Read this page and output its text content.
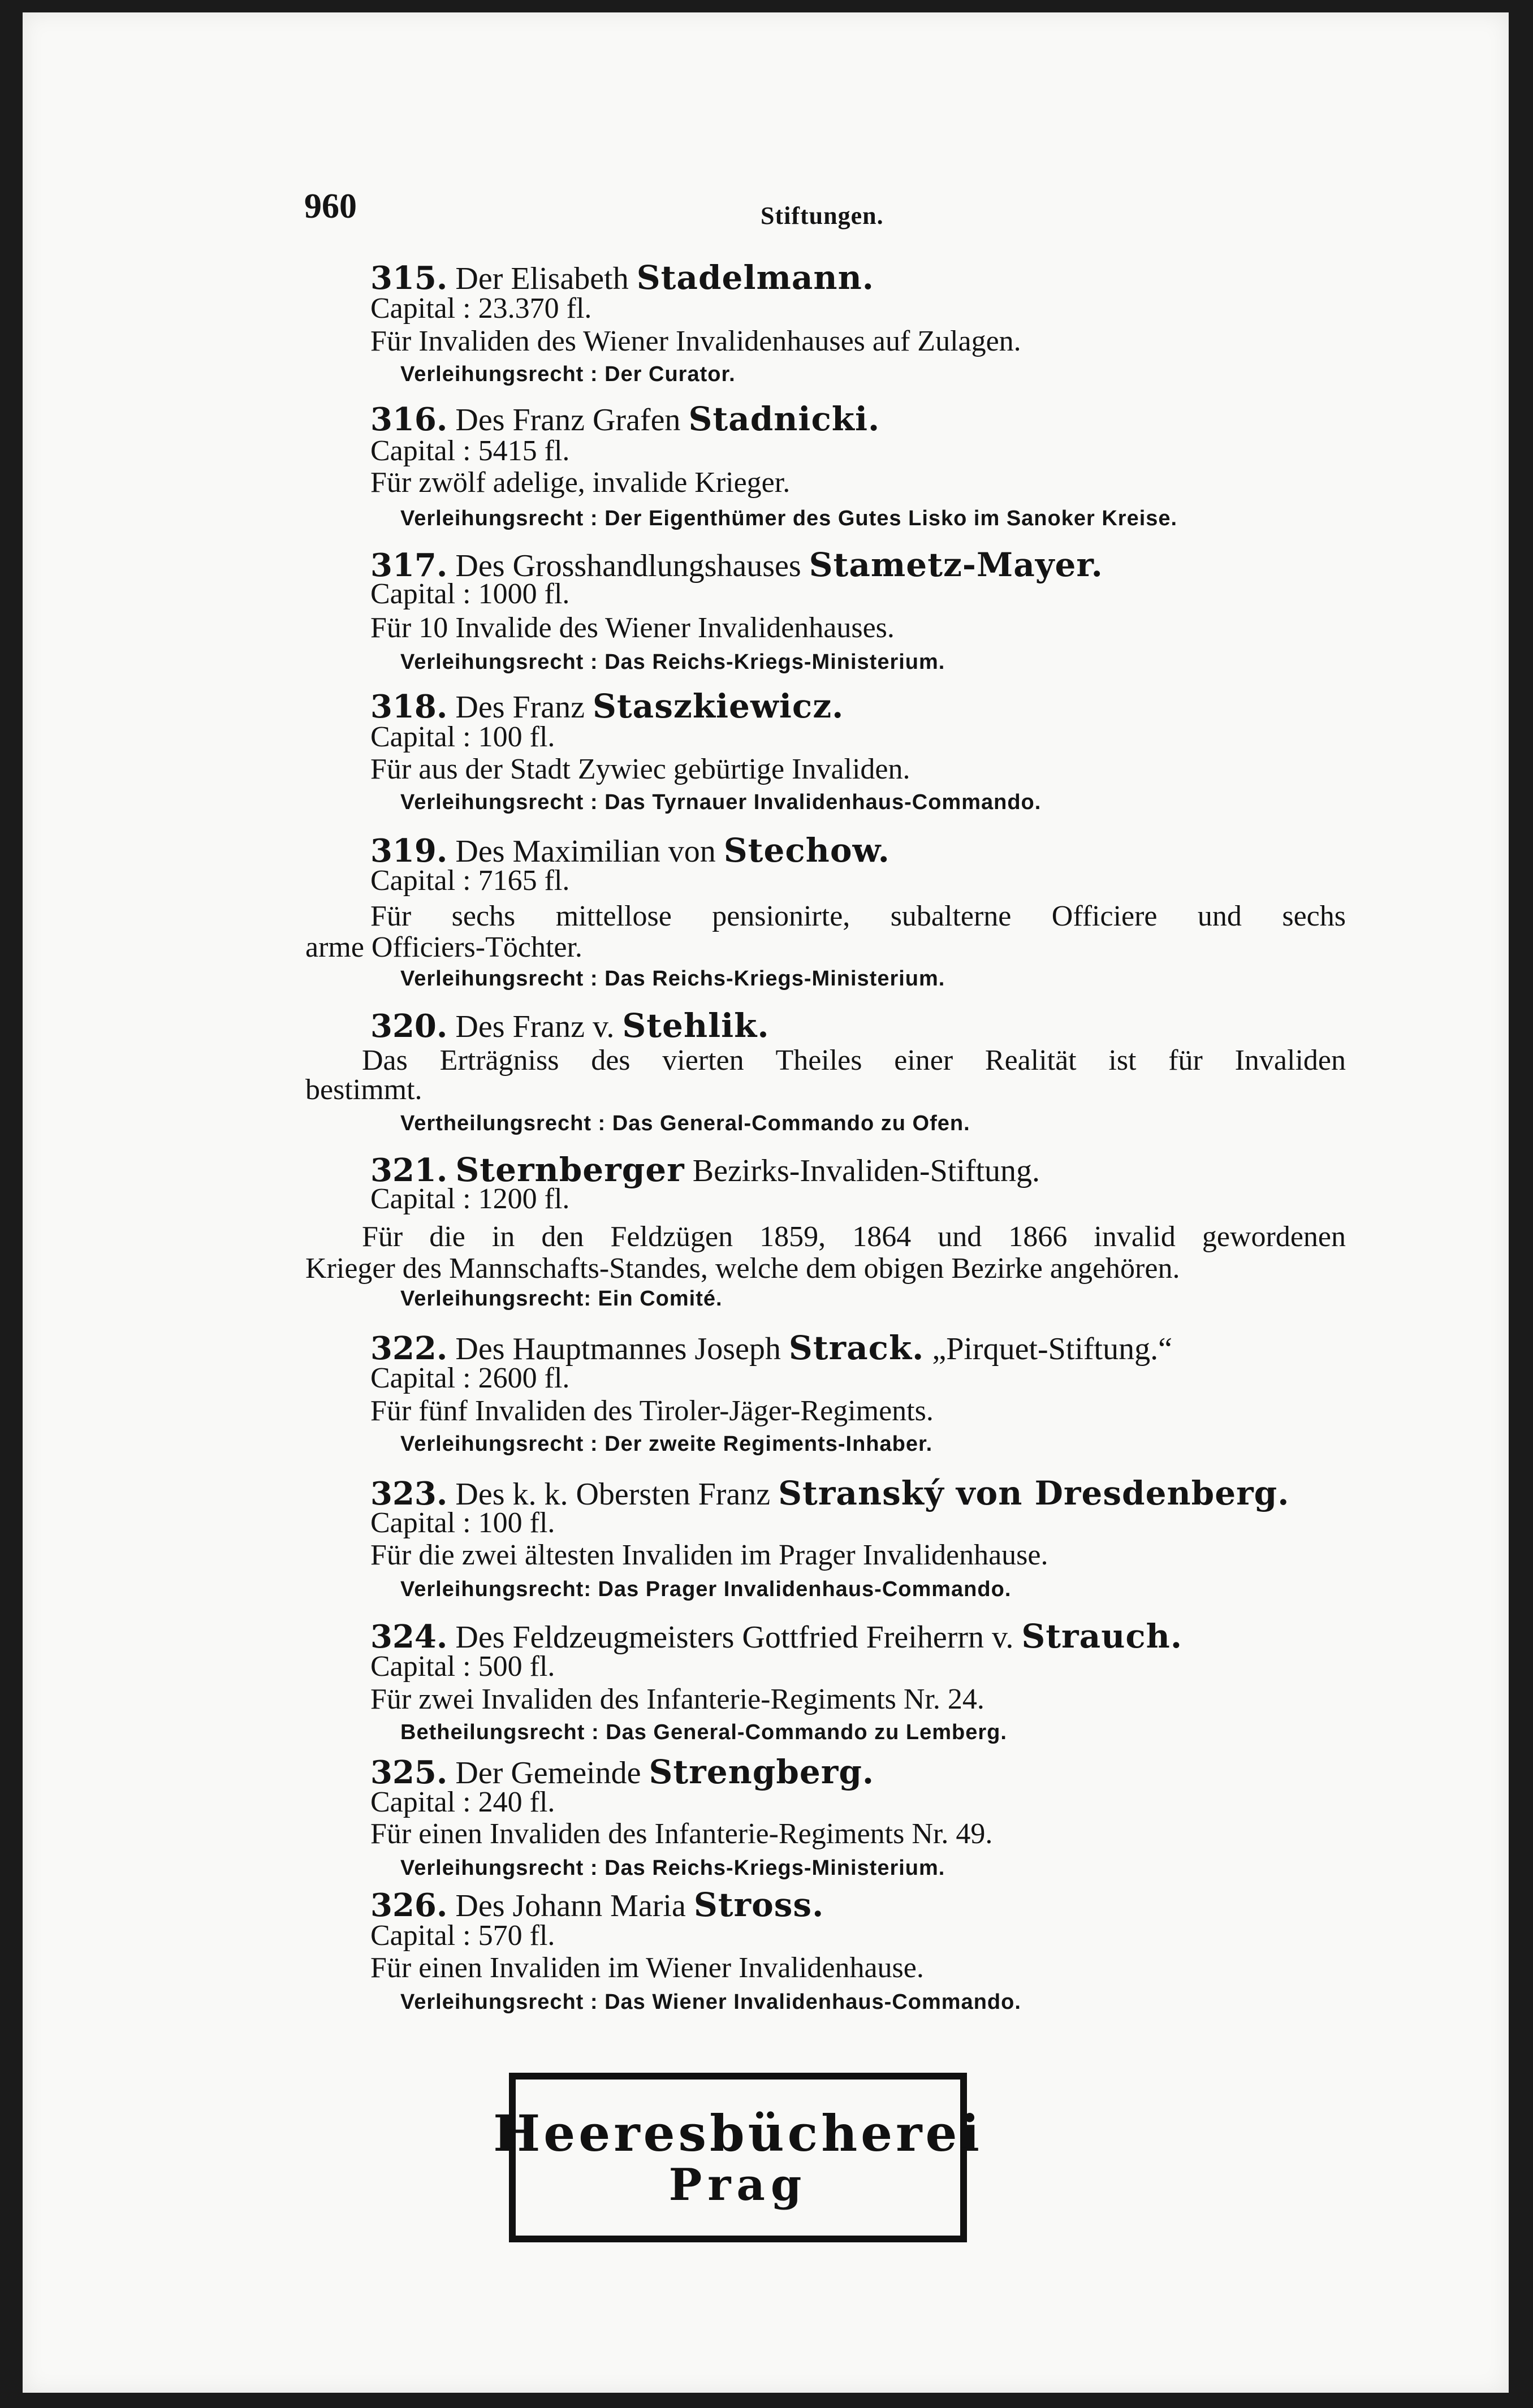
960	Stiftungen.
315. Der Elisabeth Stadelmann.
Capital : 23.370 fl.
Für Invaliden des Wiener Invalidenhauses auf Zulagen.
Verleihungsrecht : Der Curator.
316. Des Franz Grafen Stadnicki.
Capital : 5415 fl.
Für zwölf adelige, invalide Krieger.
Verleihungsrecht : Der Eigenthümer des Gutes Lisko im Sanoker Kreise.
317. Des Grosshandlungshauses Stametz-Mayer.
Capital : 1000 fl.
Für 10 Invalide des Wiener Invalidenhauses.
Verleihungsrecht : Das Reichs-Kriegs-Ministerium.
318. Des Franz Staszkiewicz.
Capital : 100 fl.
Für aus der Stadt Zywiec gebürtige Invaliden.
Verleihungsrecht : Das Tyrnauer Invalidenhaus-Commando.
319. Des Maximilian von Stechow.
Capital : 7165 fl.
Für sechs mittellose pensionirte, subalterne Officiere und sechs
arme Officiers-Töchter.
Verleihungsrecht : Das Reichs-Kriegs-Ministerium.
320. Des Franz v. Stehlik.
Das Erträgniss des vierten Theiles einer Realität ist für Invaliden
bestimmt.
Vertheilungsrecht : Das General-Commando zu Ofen.
321. Sternberger Bezirks-Invaliden-Stiftung.
Capital : 1200 fl.
Für die in den Feldzügen 1859, 1864 und 1866 invalid gewordenen
Krieger des Mannschafts-Standes, welche dem obigen Bezirke angehören.
Verleihungsrecht: Ein Comité.
322. Des Hauptmannes Joseph Strack. „Pirquet-Stiftung.“
Capital : 2600 fl.
Für fünf Invaliden des Tiroler-Jäger-Regiments.
Verleihungsrecht : Der zweite Regiments-Inhaber.
323. Des k. k. Obersten Franz Stranský von Dresdenberg.
Capital : 100 fl.
Für die zwei ältesten Invaliden im Prager Invalidenhause.
Verleihungsrecht: Das Prager Invalidenhaus-Commando.
324. Des Feldzeugmeisters Gottfried Freiherrn v. Strauch.
Capital : 500 fl.
Für zwei Invaliden des Infanterie-Regiments Nr. 24.
Betheilungsrecht : Das General-Commando zu Lemberg.
325. Der Gemeinde Strengberg.
Capital : 240 fl.
Für einen Invaliden des Infanterie-Regiments Nr. 49.
Verleihungsrecht : Das Reichs-Kriegs-Ministerium.
326. Des Johann Maria Stross.
Capital : 570 fl.
Für einen Invaliden im Wiener Invalidenhause.
Verleihungsrecht : Das Wiener Invalidenhaus-Commando.
Heeresbücherei
Prag
